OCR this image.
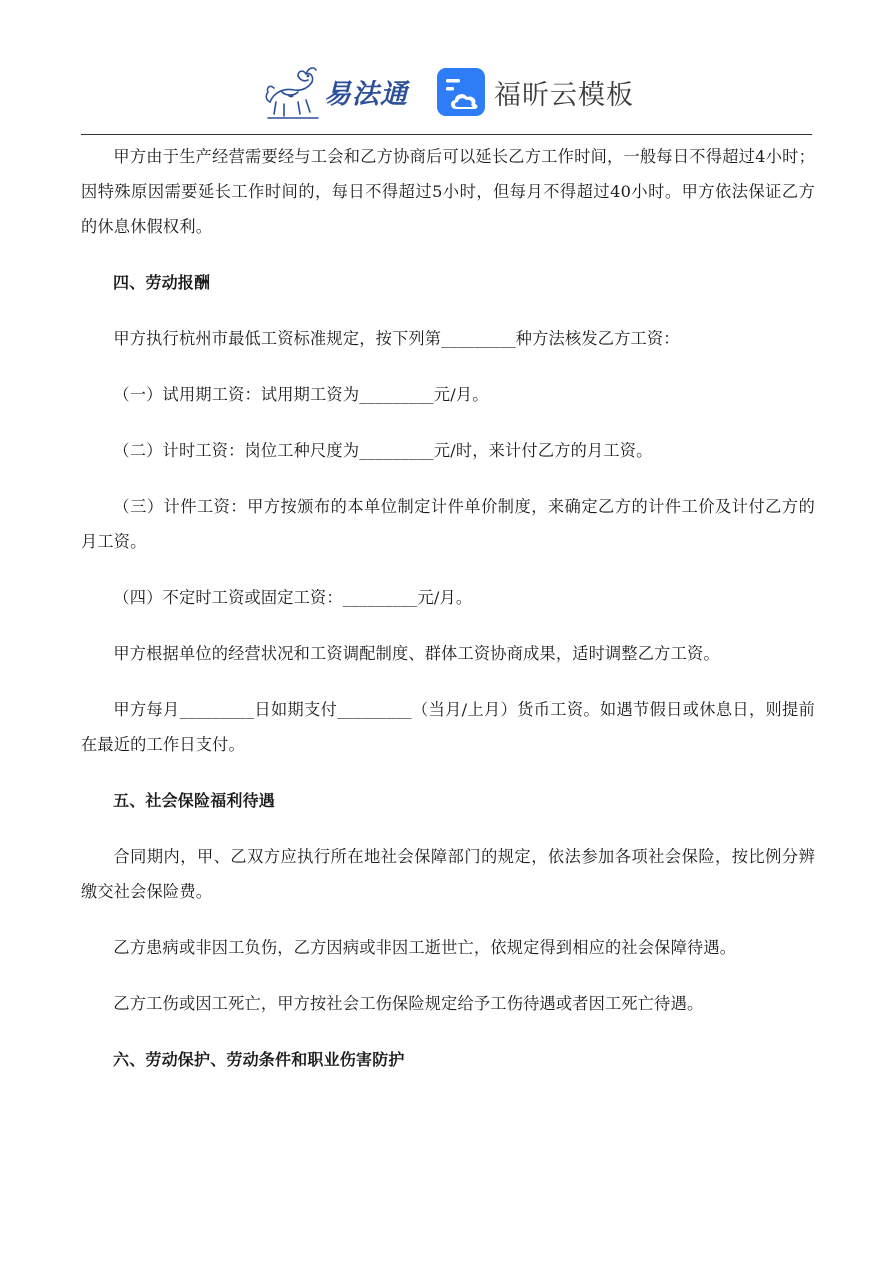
易法通	福昕云模板

甲方由于生产经营需要经与工会和乙方协商后可以延长乙方工作时间，一般每日不得超过4小时；因特殊原因需要延长工作时间的，每日不得超过5小时，但每月不得超过40小时。甲方依法保证乙方的休息休假权利。

四、劳动报酬

甲方执行杭州市最低工资标准规定，按下列第_________种方法核发乙方工资：

（一）试用期工资：试用期工资为_________元/月。

（二）计时工资：岗位工种尺度为_________元/时，来计付乙方的月工资。

（三）计件工资：甲方按颁布的本单位制定计件单价制度，来确定乙方的计件工价及计付乙方的月工资。

（四）不定时工资或固定工资：_________元/月。

甲方根据单位的经营状况和工资调配制度、群体工资协商成果，适时调整乙方工资。

甲方每月_________日如期支付_________（当月/上月）货币工资。如遇节假日或休息日，则提前在最近的工作日支付。

五、社会保险福利待遇

合同期内，甲、乙双方应执行所在地社会保障部门的规定，依法参加各项社会保险，按比例分辨缴交社会保险费。

乙方患病或非因工负伤，乙方因病或非因工逝世亡，依规定得到相应的社会保障待遇。

乙方工伤或因工死亡，甲方按社会工伤保险规定给予工伤待遇或者因工死亡待遇。

六、劳动保护、劳动条件和职业伤害防护
